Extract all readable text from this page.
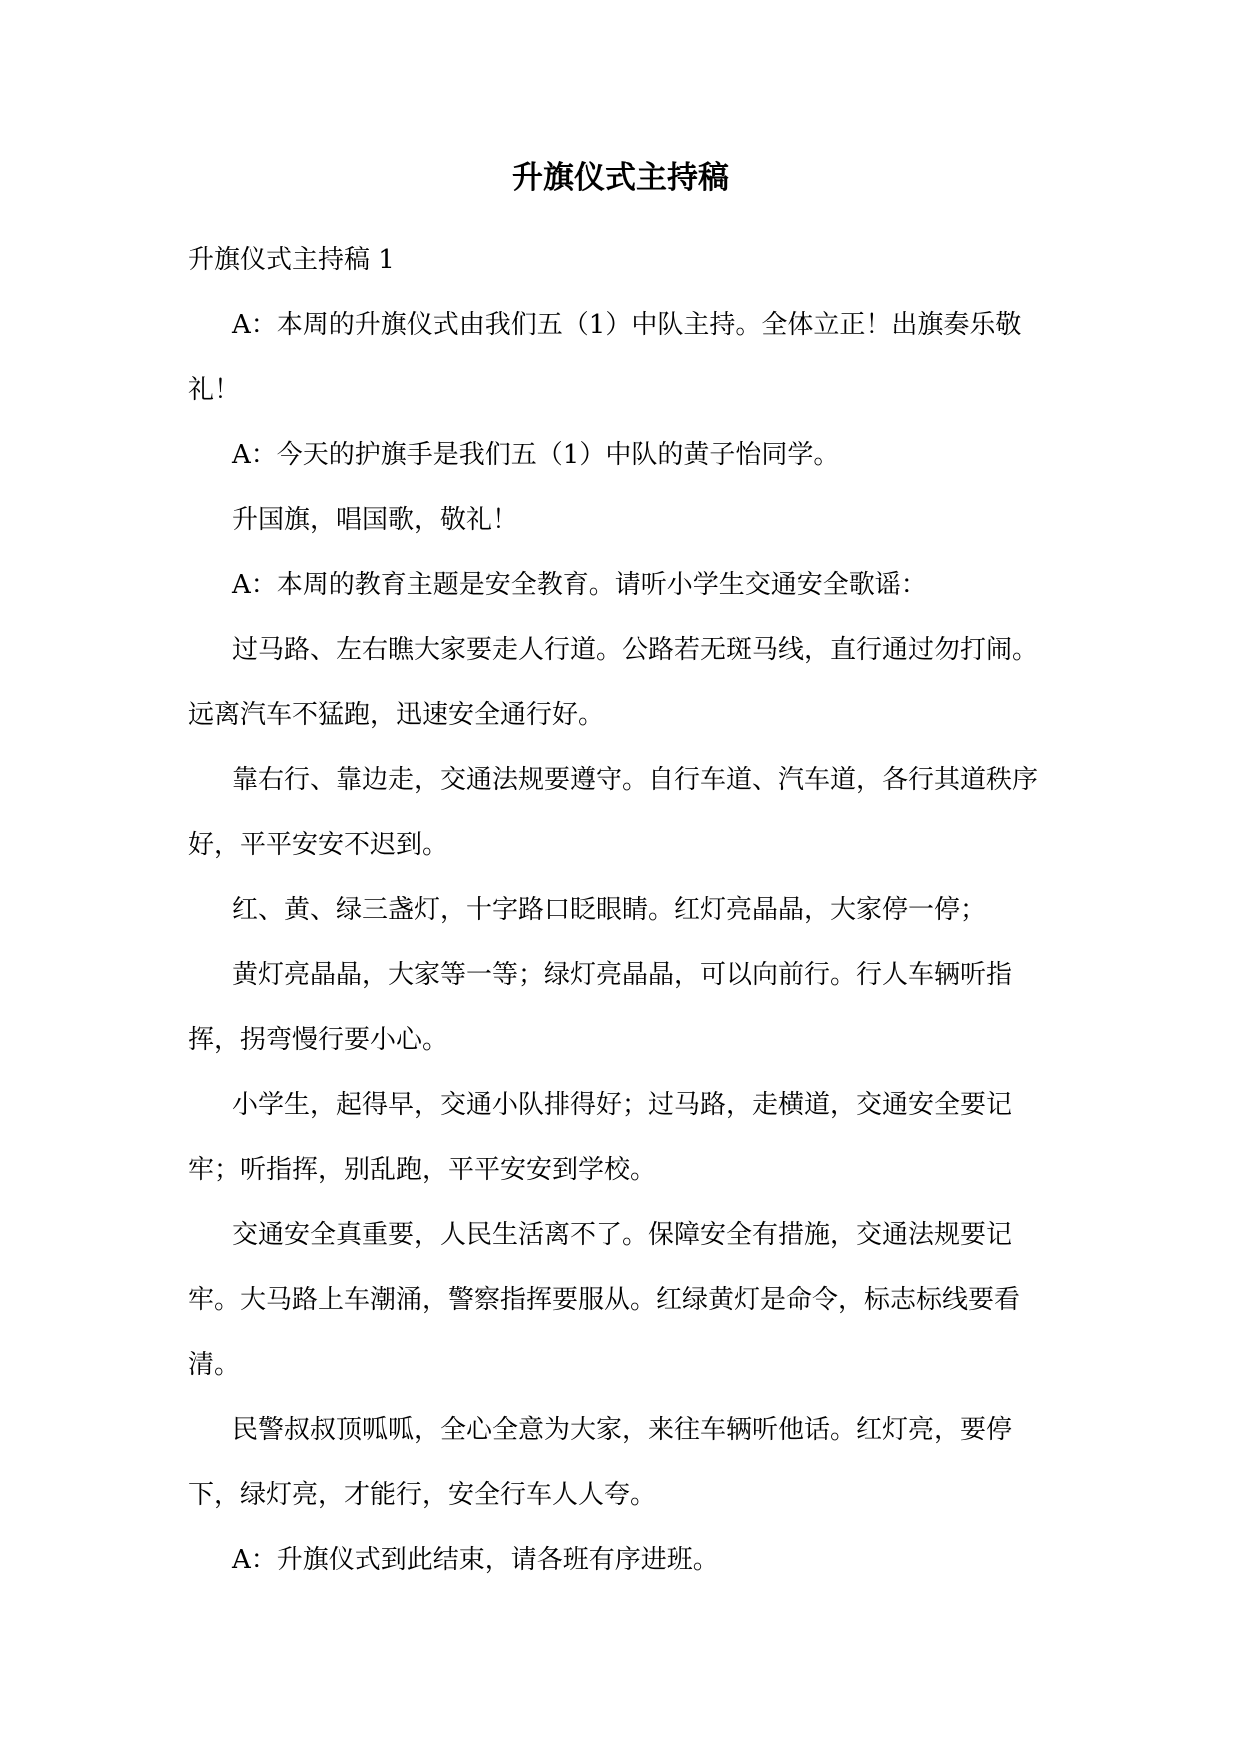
升旗仪式主持稿

升旗仪式主持稿 1

A：本周的升旗仪式由我们五（1）中队主持。全体立正！出旗奏乐敬礼！

A：今天的护旗手是我们五（1）中队的黄子怡同学。

升国旗，唱国歌，敬礼！

A：本周的教育主题是安全教育。请听小学生交通安全歌谣：

过马路、左右瞧大家要走人行道。公路若无斑马线，直行通过勿打闹。远离汽车不猛跑，迅速安全通行好。

靠右行、靠边走，交通法规要遵守。自行车道、汽车道，各行其道秩序好，平平安安不迟到。

红、黄、绿三盏灯，十字路口眨眼睛。红灯亮晶晶，大家停一停；

黄灯亮晶晶，大家等一等；绿灯亮晶晶，可以向前行。行人车辆听指挥，拐弯慢行要小心。

小学生，起得早，交通小队排得好；过马路，走横道，交通安全要记牢；听指挥，别乱跑，平平安安到学校。

交通安全真重要，人民生活离不了。保障安全有措施，交通法规要记牢。大马路上车潮涌，警察指挥要服从。红绿黄灯是命令，标志标线要看清。

民警叔叔顶呱呱，全心全意为大家，来往车辆听他话。红灯亮，要停下，绿灯亮，才能行，安全行车人人夸。

A：升旗仪式到此结束，请各班有序进班。
